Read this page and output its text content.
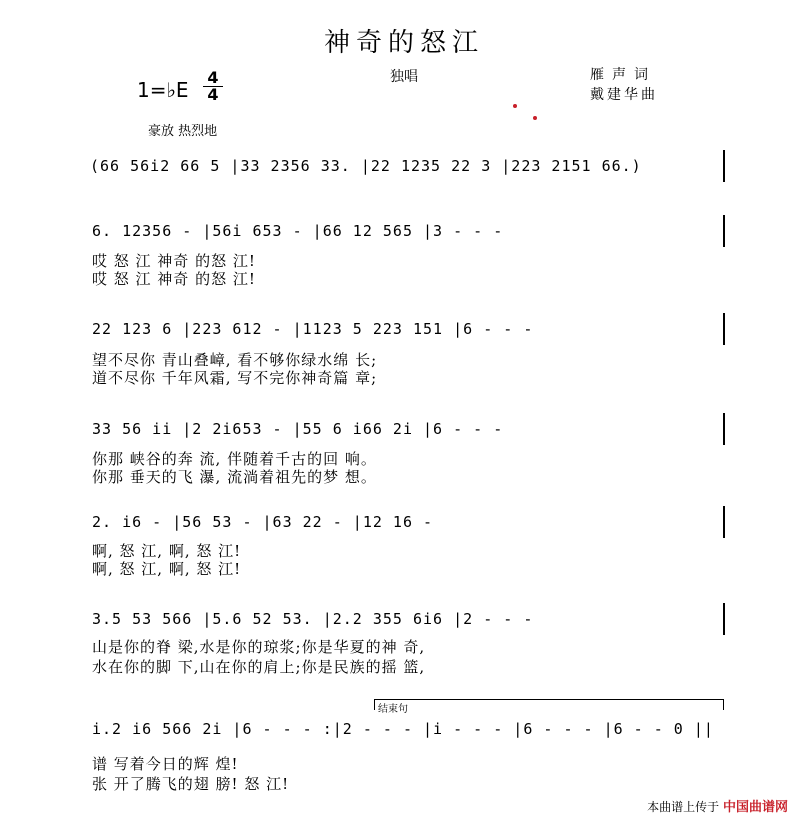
神奇的怒江
1=♭E
4
4
独唱	雁声词
戴建华曲
豪放 热烈地
(66 56i2 66 5 |33 2356 33. |22 1235 22 3 |223 2151 66.)
6. 12356 - |56i 653 - |66 12 565 |3 - - -
哎 怒 江 神奇 的怒 江!
哎 怒 江 神奇 的怒 江!
22 123 6 |223 612 - |1123 5 223 151 |6 - - -
望不尽你 青山叠嶂, 看不够你绿水绵 长;
道不尽你 千年风霜, 写不完你神奇篇 章;
33 56 ii |2 2i653 - |55 6 i66 2i |6 - - -
你那 峡谷的奔 流, 伴随着千古的回 响。
你那 垂天的飞 瀑, 流淌着祖先的梦 想。
2. i6 - |56 53 - |63 22 - |12 16 -
啊, 怒 江, 啊, 怒 江!
啊, 怒 江, 啊, 怒 江!
3.5 53 566 |5.6 52 53. |2.2 355 6i6 |2 - - -
山是你的脊 梁,水是你的琼浆;你是华夏的神 奇,
水在你的脚 下,山在你的肩上;你是民族的摇 篮,
结束句
i.2 i6 566 2i |6 - - - :|2 - - - |i - - - |6 - - - |6 - - 0 ||
谱 写着今日的辉 煌!
张 开了腾飞的翅 膀! 怒 江!
本曲谱上传于 中国曲谱网
